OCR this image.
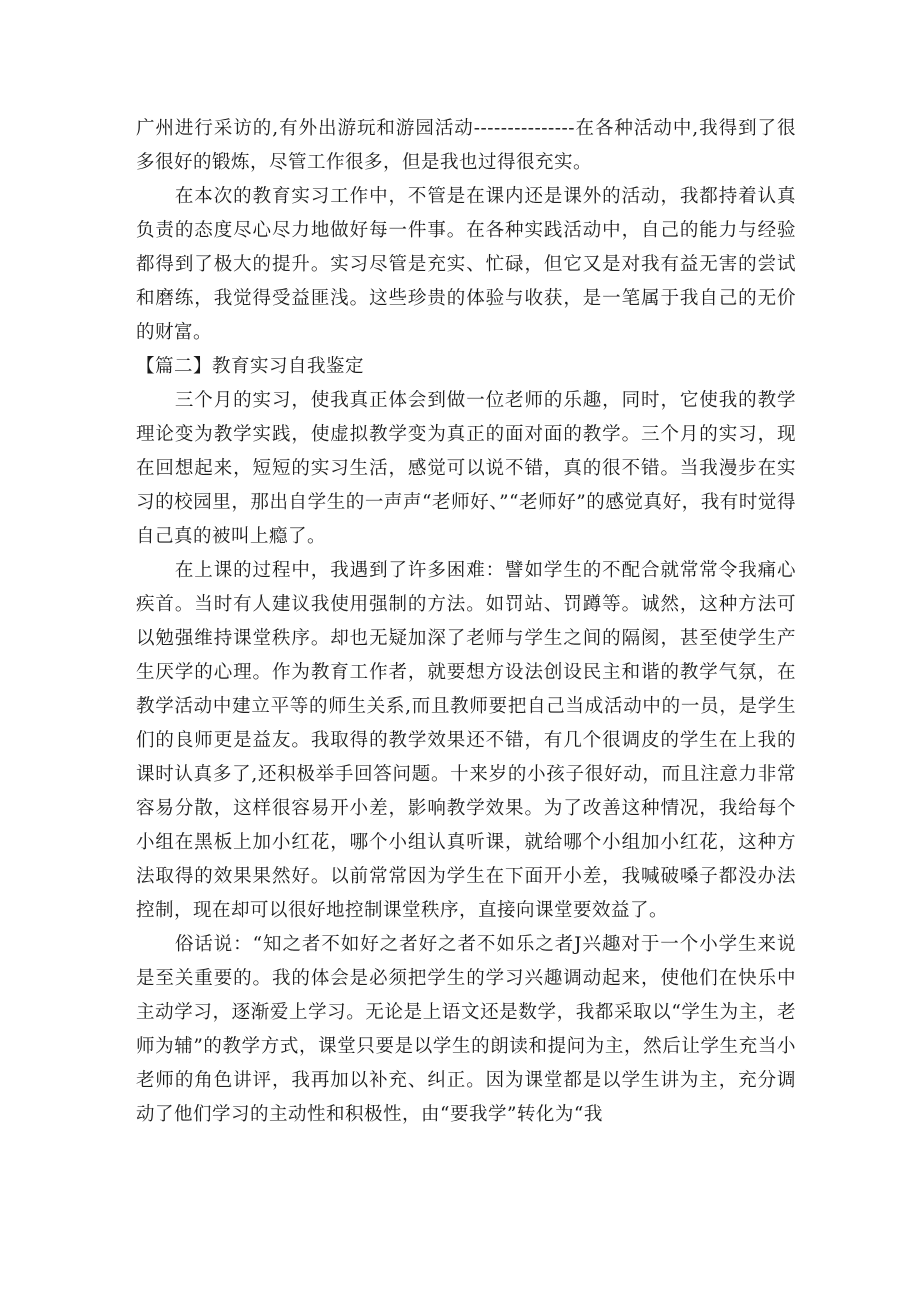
广州进行采访的,有外出游玩和游园活动---------------在各种活动中,我得到了很多很好的锻炼，尽管工作很多，但是我也过得很充实。

在本次的教育实习工作中，不管是在课内还是课外的活动，我都持着认真负责的态度尽心尽力地做好每一件事。在各种实践活动中，自己的能力与经验都得到了极大的提升。实习尽管是充实、忙碌，但它又是对我有益无害的尝试和磨练，我觉得受益匪浅。这些珍贵的体验与收获，是一笔属于我自己的无价的财富。

【篇二】教育实习自我鉴定

三个月的实习，使我真正体会到做一位老师的乐趣，同时，它使我的教学理论变为教学实践，使虚拟教学变为真正的面对面的教学。三个月的实习，现在回想起来，短短的实习生活，感觉可以说不错，真的很不错。当我漫步在实习的校园里，那出自学生的一声声“老师好、”“老师好”的感觉真好，我有时觉得自己真的被叫上瘾了。

在上课的过程中，我遇到了许多困难：譬如学生的不配合就常常令我痛心疾首。当时有人建议我使用强制的方法。如罚站、罚蹲等。诚然，这种方法可以勉强维持课堂秩序。却也无疑加深了老师与学生之间的隔阂，甚至使学生产生厌学的心理。作为教育工作者，就要想方设法创设民主和谐的教学气氛，在教学活动中建立平等的师生关系,而且教师要把自己当成活动中的一员，是学生们的良师更是益友。我取得的教学效果还不错，有几个很调皮的学生在上我的课时认真多了,还积极举手回答问题。十来岁的小孩子很好动，而且注意力非常容易分散，这样很容易开小差，影响教学效果。为了改善这种情况，我给每个小组在黑板上加小红花，哪个小组认真听课，就给哪个小组加小红花，这种方法取得的效果果然好。以前常常因为学生在下面开小差，我喊破嗓子都没办法控制，现在却可以很好地控制课堂秩序，直接向课堂要效益了。

俗话说：“知之者不如好之者好之者不如乐之者J兴趣对于一个小学生来说是至关重要的。我的体会是必须把学生的学习兴趣调动起来，使他们在快乐中主动学习，逐渐爱上学习。无论是上语文还是数学，我都采取以“学生为主，老师为辅”的教学方式，课堂只要是以学生的朗读和提问为主，然后让学生充当小老师的角色讲评，我再加以补充、纠正。因为课堂都是以学生讲为主，充分调动了他们学习的主动性和积极性，由“要我学”转化为“我
